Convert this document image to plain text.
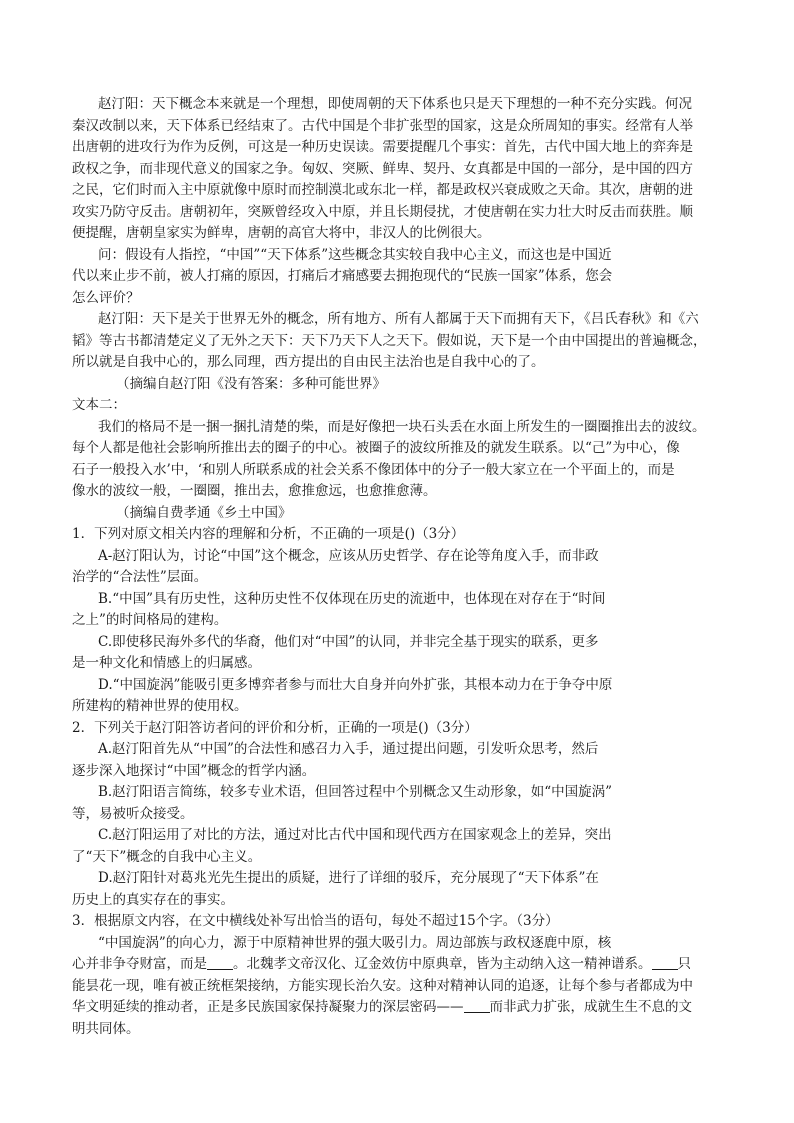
赵汀阳：天下概念本来就是一个理想，即使周朝的天下体系也只是天下理想的一种不充分实践。何况

秦汉改制以来，天下体系已经结束了。古代中国是个非扩张型的国家，这是众所周知的事实。经常有人举

出唐朝的进攻行为作为反例，可这是一种历史误读。需要提醒几个事实：首先，古代中国大地上的弈奔是

政权之争，而非现代意义的国家之争。匈奴、突厥、鲜卑、契丹、女真都是中国的一部分，是中国的四方

之民，它们时而入主中原就像中原时而控制漠北或东北一样，都是政权兴衰成败之天命。其次，唐朝的进

攻实乃防守反击。唐朝初年，突厥曾经攻入中原，并且长期侵扰，才使唐朝在实力壮大时反击而获胜。顺

便提醒，唐朝皇家实为鲜卑，唐朝的高官大将中，非汉人的比例很大。

问：假设有人指控，“中国”“天下体系”这些概念其实较自我中心主义，而这也是中国近

代以来止步不前，被人打痛的原因，打痛后才痛感要去拥抱现代的“民族一国家”体系，您会

怎么评价？

赵汀阳：天下是关于世界无外的概念，所有地方、所有人都属于天下而拥有天下，《吕氏春秋》和《六

韬》等古书都清楚定义了无外之天下：天下乃天下人之天下。假如说，天下是一个由中国提出的普遍概念，

所以就是自我中心的，那么同理，西方提出的自由民主法治也是自我中心的了。

（摘编自赵汀阳《没有答案：多种可能世界》

文本二：

我们的格局不是一捆一捆扎清楚的柴，而是好像把一块石头丢在水面上所发生的一圈圈推出去的波纹。

每个人都是他社会影响所推出去的圈子的中心。被圈子的波纹所推及的就发生联系。以“己”为中心，像

石子一般投入水’中，‘和别人所联系成的社会关系不像团体中的分子一般大家立在一个平面上的，而是

像水的波纹一般，一圈圈，推出去，愈推愈远，也愈推愈薄。

（摘编自费孝通《乡土中国》

1．下列对原文相关内容的理解和分析，不正确的一项是()（3分）

A-赵汀阳认为，讨论“中国”这个概念，应该从历史哲学、存在论等角度入手，而非政

治学的“合法性”层面。

B.“中国”具有历史性，这种历史性不仅体现在历史的流逝中，也体现在对存在于“时间

之上”的时间格局的建构。

C.即使移民海外多代的华裔，他们对“中国”的认同，并非完全基于现实的联系，更多

是一种文化和情感上的归属感。

D.“中国旋涡”能吸引更多博弈者参与而壮大自身并向外扩张，其根本动力在于争夺中原

所建构的精神世界的使用权。

2．下列关于赵汀阳答访者问的评价和分析，正确的一项是()（3分）

A.赵汀阳首先从“中国”的合法性和感召力入手，通过提出问题，引发听众思考，然后

逐步深入地探讨“中国”概念的哲学内涵。

B.赵汀阳语言简练，较多专业术语，但回答过程中个别概念又生动形象，如“中国旋涡”

等，易被听众接受。

C.赵汀阳运用了对比的方法，通过对比古代中国和现代西方在国家观念上的差异，突出

了“天下”概念的自我中心主义。

D.赵汀阳针对葛兆光先生提出的质疑，进行了详细的驳斥，充分展现了“天下体系”在

历史上的真实存在的事实。

3．根据原文内容，在文中横线处补写出恰当的语句，每处不超过15个字。（3分）

“中国旋涡”的向心力，源于中原精神世界的强大吸引力。周边部族与政权逐鹿中原，核

心并非争夺财富，而是 。北魏孝文帝汉化、辽金效仿中原典章，皆为主动纳入这一精神谱系。 只

能昙花一现，唯有被正统框架接纳，方能实现长治久安。这种对精神认同的追逐，让每个参与者都成为中

华文明延续的推动者，正是多民族国家保持凝聚力的深层密码—— 而非武力扩张，成就生生不息的文

明共同体。
